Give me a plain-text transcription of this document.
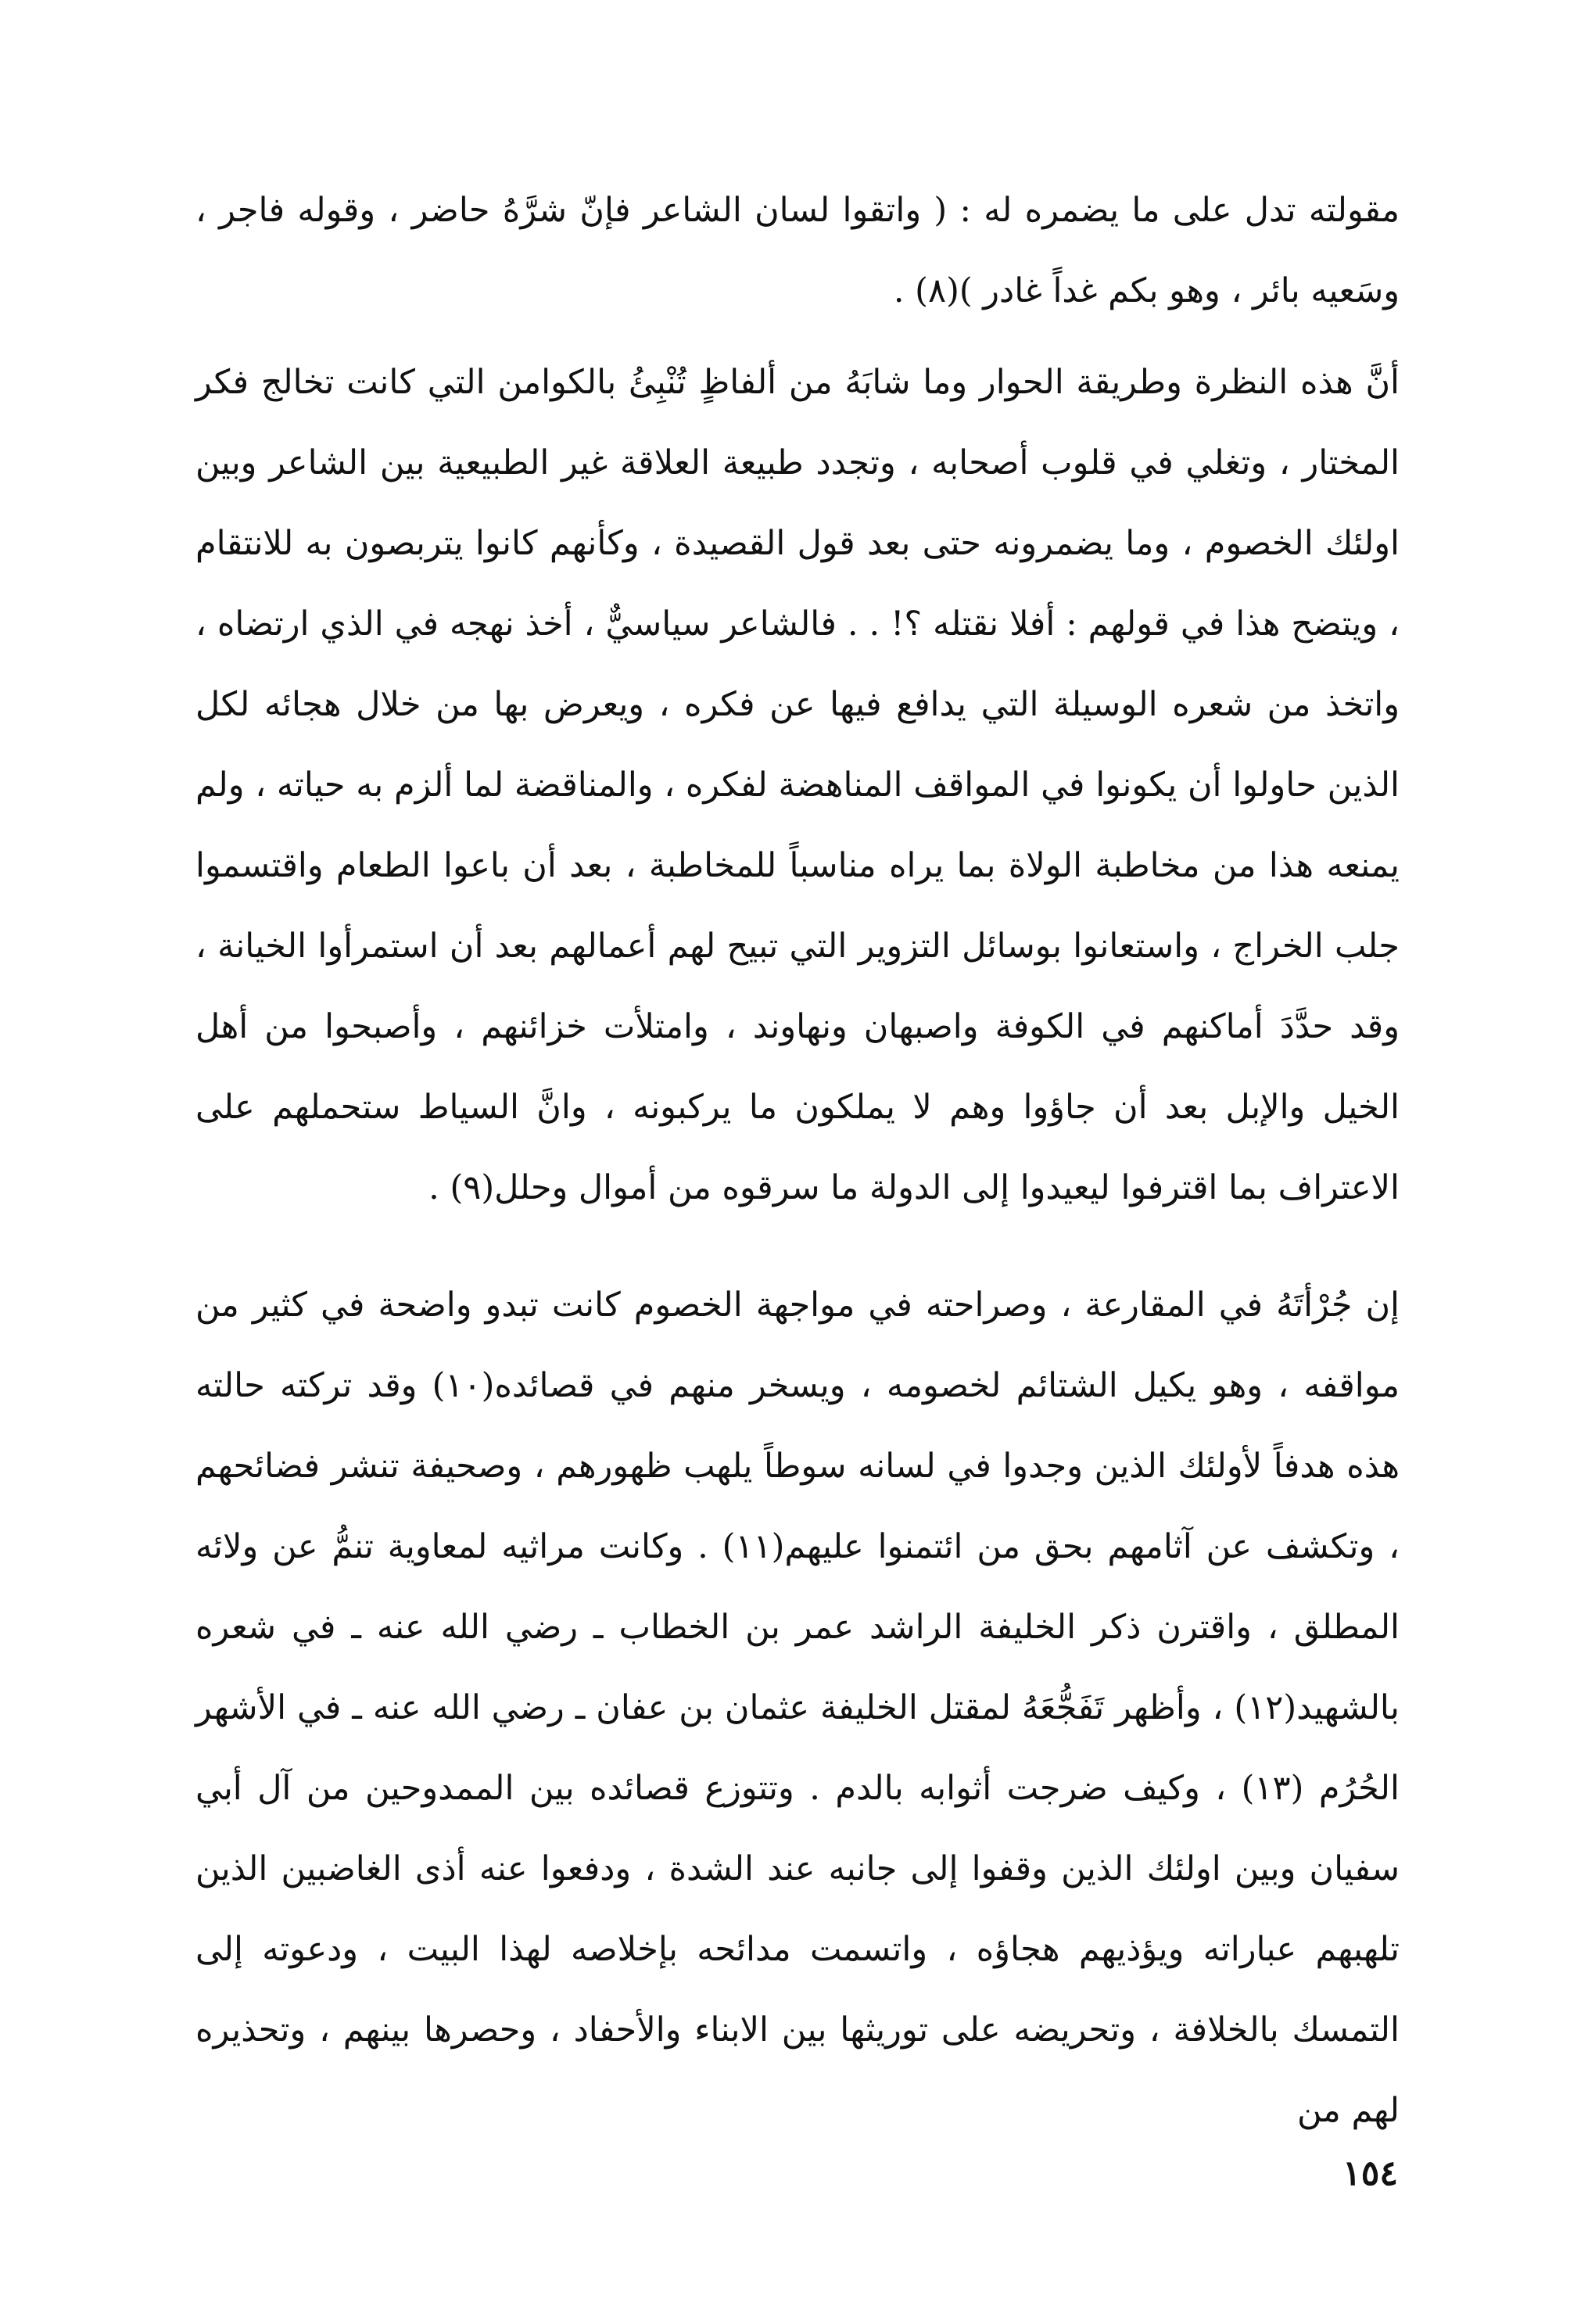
مقولته تدل على ما يضمره له : ( واتقوا لسان الشاعر فإنّ شرَّهُ حاضر ، وقوله فاجر ، وسَعيه بائر ، وهو بكم غداً غادر )(٨) .

أنَّ هذه النظرة وطريقة الحوار وما شابَهُ من ألفاظٍ تُنْبِئُ بالكوامن التي كانت تخالج فكر المختار ، وتغلي في قلوب أصحابه ، وتجدد طبيعة العلاقة غير الطبيعية بين الشاعر وبين اولئك الخصوم ، وما يضمرونه حتى بعد قول القصيدة ، وكأنهم كانوا يتربصون به للانتقام ، ويتضح هذا في قولهم : أفلا نقتله ؟! . . فالشاعر سياسيٌّ ، أخذ نهجه في الذي ارتضاه ، واتخذ من شعره الوسيلة التي يدافع فيها عن فكره ، ويعرض بها من خلال هجائه لكل الذين حاولوا أن يكونوا في المواقف المناهضة لفكره ، والمناقضة لما ألزم به حياته ، ولم يمنعه هذا من مخاطبة الولاة بما يراه مناسباً للمخاطبة ، بعد أن باعوا الطعام واقتسموا جلب الخراج ، واستعانوا بوسائل التزوير التي تبيح لهم أعمالهم بعد أن استمرأوا الخيانة ، وقد حدَّدَ أماكنهم في الكوفة واصبهان ونهاوند ، وامتلأت خزائنهم ، وأصبحوا من أهل الخيل والإبل بعد أن جاؤوا وهم لا يملكون ما يركبونه ، وانَّ السياط ستحملهم على الاعتراف بما اقترفوا ليعيدوا إلى الدولة ما سرقوه من أموال وحلل(٩) .

إن جُرْأتَهُ في المقارعة ، وصراحته في مواجهة الخصوم كانت تبدو واضحة في كثير من مواقفه ، وهو يكيل الشتائم لخصومه ، ويسخر منهم في قصائده(١٠) وقد تركته حالته هذه هدفاً لأولئك الذين وجدوا في لسانه سوطاً يلهب ظهورهم ، وصحيفة تنشر فضائحهم ، وتكشف عن آثامهم بحق من ائتمنوا عليهم(١١) . وكانت مراثيه لمعاوية تنمُّ عن ولائه المطلق ، واقترن ذكر الخليفة الراشد عمر بن الخطاب ـ رضي الله عنه ـ في شعره بالشهيد(١٢) ، وأظهر تَفَجُّعَهُ لمقتل الخليفة عثمان بن عفان ـ رضي الله عنه ـ في الأشهر الحُرُم (١٣) ، وكيف ضرجت أثوابه بالدم . وتتوزع قصائده بين الممدوحين من آل أبي سفيان وبين اولئك الذين وقفوا إلى جانبه عند الشدة ، ودفعوا عنه أذى الغاضبين الذين تلهبهم عباراته ويؤذيهم هجاؤه ، واتسمت مدائحه بإخلاصه لهذا البيت ، ودعوته إلى التمسك بالخلافة ، وتحريضه على توريثها بين الابناء والأحفاد ، وحصرها بينهم ، وتحذيره لهم من

١٥٤
